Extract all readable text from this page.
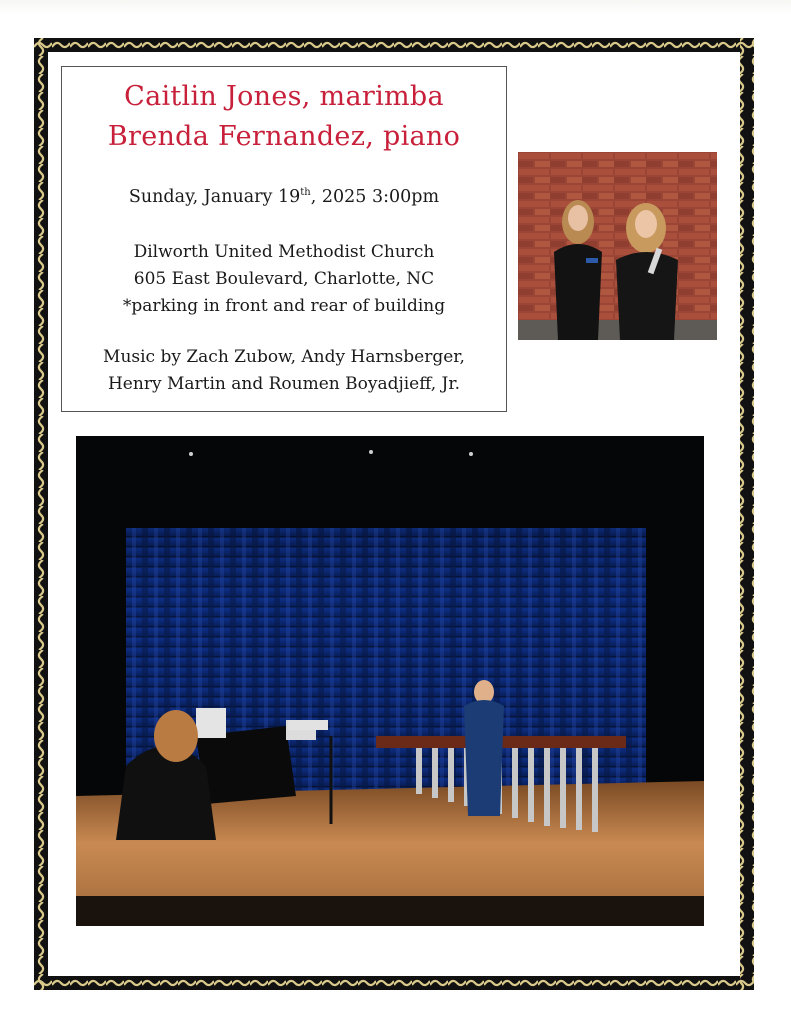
Caitlin Jones, marimba
Brenda Fernandez, piano
Sunday, January 19th, 2025 3:00pm
Dilworth United Methodist Church
605 East Boulevard, Charlotte, NC
*parking in front and rear of building
Music by Zach Zubow, Andy Harnsberger,
Henry Martin and Roumen Boyadjieff, Jr.
